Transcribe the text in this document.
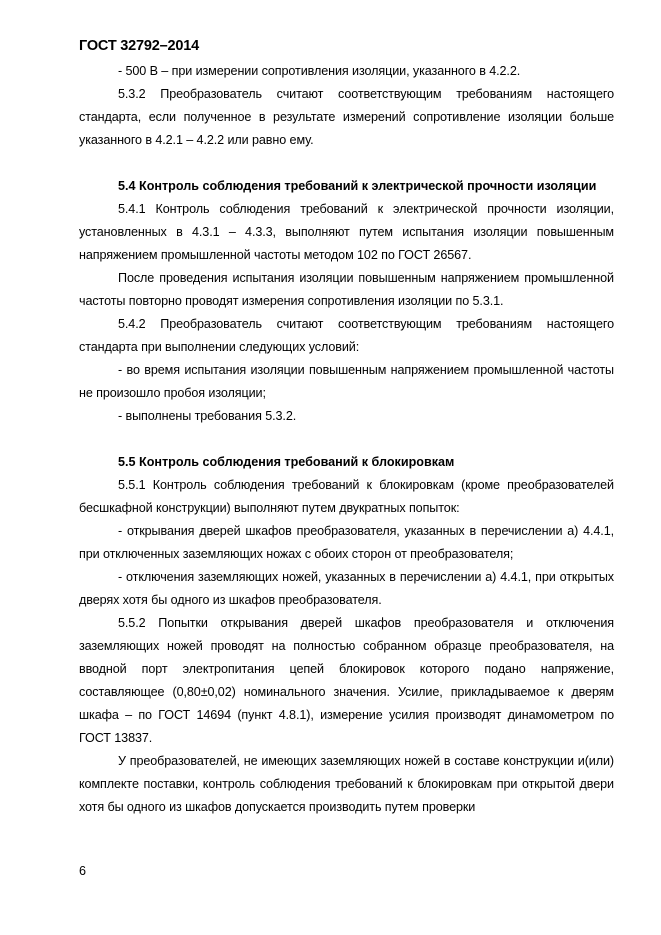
ГОСТ 32792–2014

- 500 В – при измерении сопротивления изоляции, указанного в 4.2.2.

5.3.2 Преобразователь считают соответствующим требованиям настоящего стандарта, если полученное в результате измерений сопротивление изоляции больше указанного в 4.2.1 – 4.2.2 или равно ему.

5.4 Контроль соблюдения требований к электрической прочности изоляции

5.4.1 Контроль соблюдения требований к электрической прочности изоляции, установленных в 4.3.1 – 4.3.3, выполняют путем испытания изоляции повышенным напряжением промышленной частоты методом 102 по ГОСТ 26567.

После проведения испытания изоляции повышенным напряжением промышленной частоты повторно проводят измерения сопротивления изоляции по 5.3.1.

5.4.2 Преобразователь считают соответствующим требованиям настоящего стандарта при выполнении следующих условий:

- во время испытания изоляции повышенным напряжением промышленной частоты не произошло пробоя изоляции;

- выполнены требования 5.3.2.

5.5 Контроль соблюдения требований к блокировкам

5.5.1 Контроль соблюдения требований к блокировкам (кроме преобразователей бесшкафной конструкции) выполняют путем двукратных попыток:

- открывания дверей шкафов преобразователя, указанных в перечислении а) 4.4.1, при отключенных заземляющих ножах с обоих сторон от преобразователя;

- отключения заземляющих ножей, указанных в перечислении а) 4.4.1, при открытых дверях хотя бы одного из шкафов преобразователя.

5.5.2 Попытки открывания дверей шкафов преобразователя и отключения заземляющих ножей проводят на полностью собранном образце преобразователя, на вводной порт электропитания цепей блокировок которого подано напряжение, составляющее (0,80±0,02) номинального значения. Усилие, прикладываемое к дверям шкафа – по ГОСТ 14694 (пункт 4.8.1), измерение усилия производят динамометром по ГОСТ 13837.

У преобразователей, не имеющих заземляющих ножей в составе конструкции и(или) комплекте поставки, контроль соблюдения требований к блокировкам при открытой двери хотя бы одного из шкафов допускается производить путем проверки

6
